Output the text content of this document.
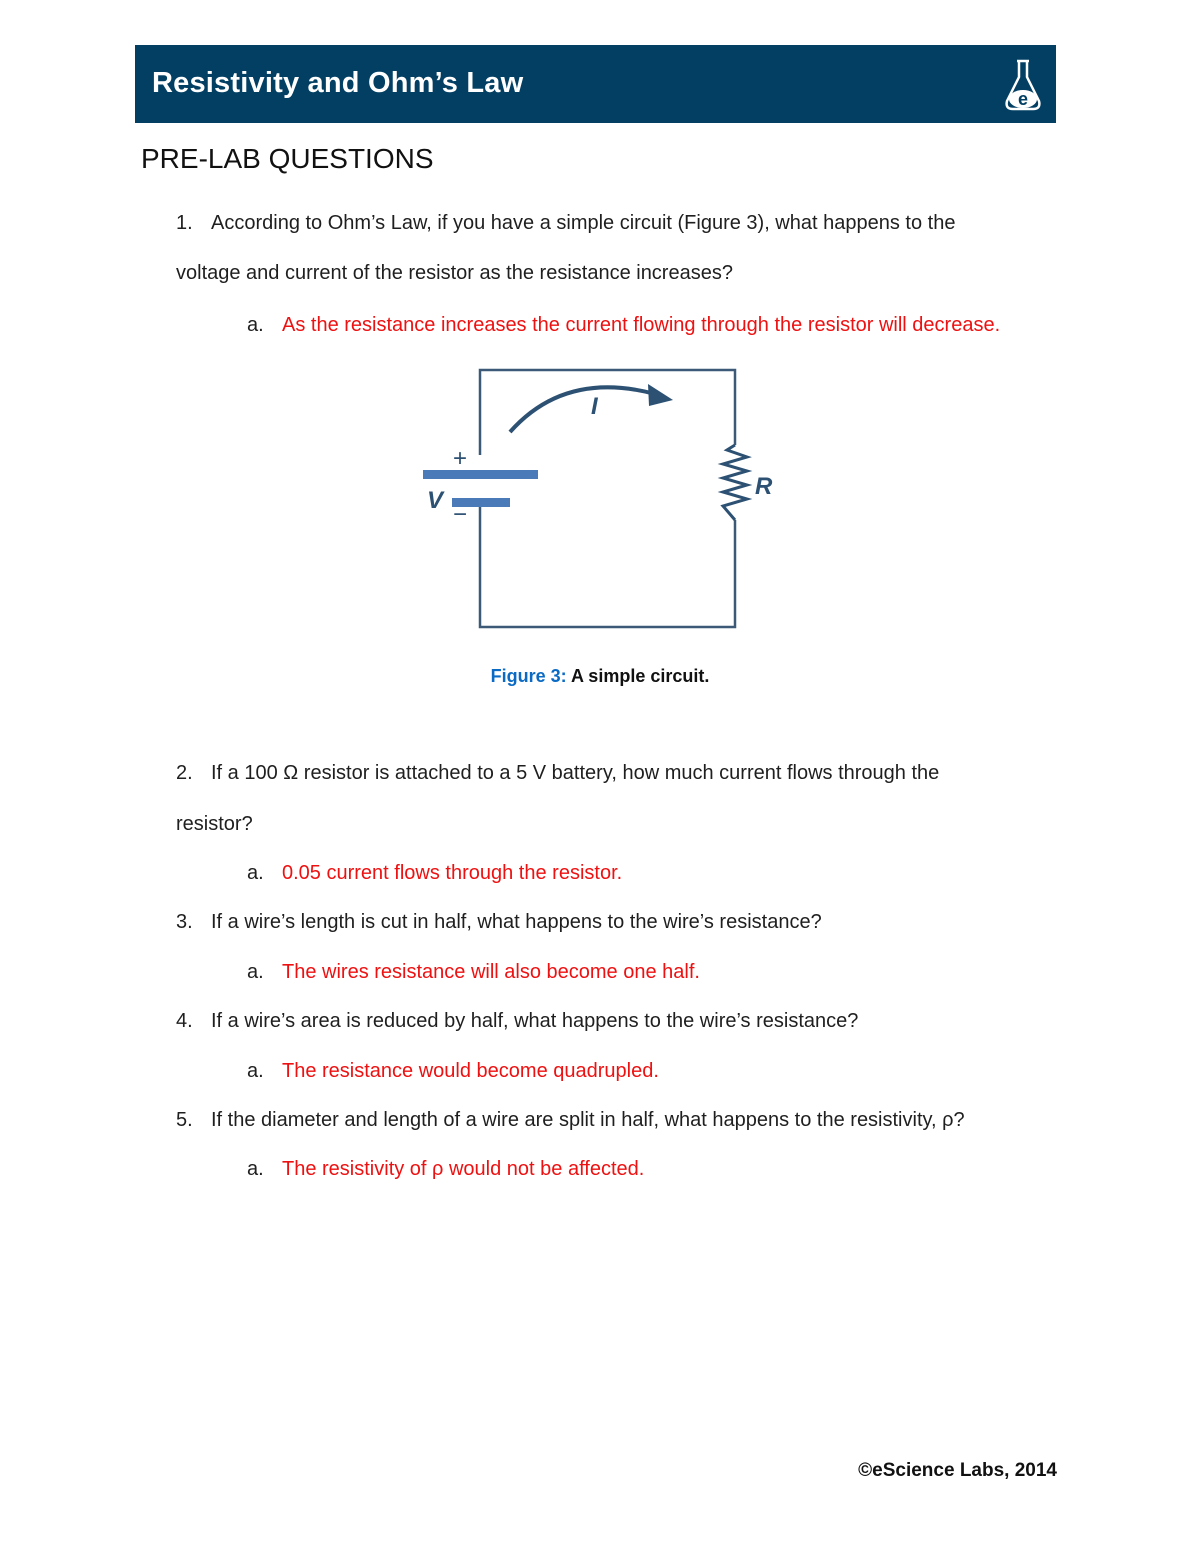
Resistivity and Ohm’s Law	e
PRE-LAB QUESTIONS
1. According to Ohm’s Law, if you have a simple circuit (Figure 3), what happens to the
voltage and current of the resistor as the resistance increases?
a. As the resistance increases the current flowing through the resistor will decrease.
+
−
V
R
I
Figure 3: A simple circuit.
2. If a 100 Ω resistor is attached to a 5 V battery, how much current flows through the
resistor?
a. 0.05 current flows through the resistor.
3. If a wire’s length is cut in half, what happens to the wire’s resistance?
a. The wires resistance will also become one half.
4. If a wire’s area is reduced by half, what happens to the wire’s resistance?
a. The resistance would become quadrupled.
5. If the diameter and length of a wire are split in half, what happens to the resistivity, ρ?
a. The resistivity of ρ would not be affected.
©eScience Labs, 2014
